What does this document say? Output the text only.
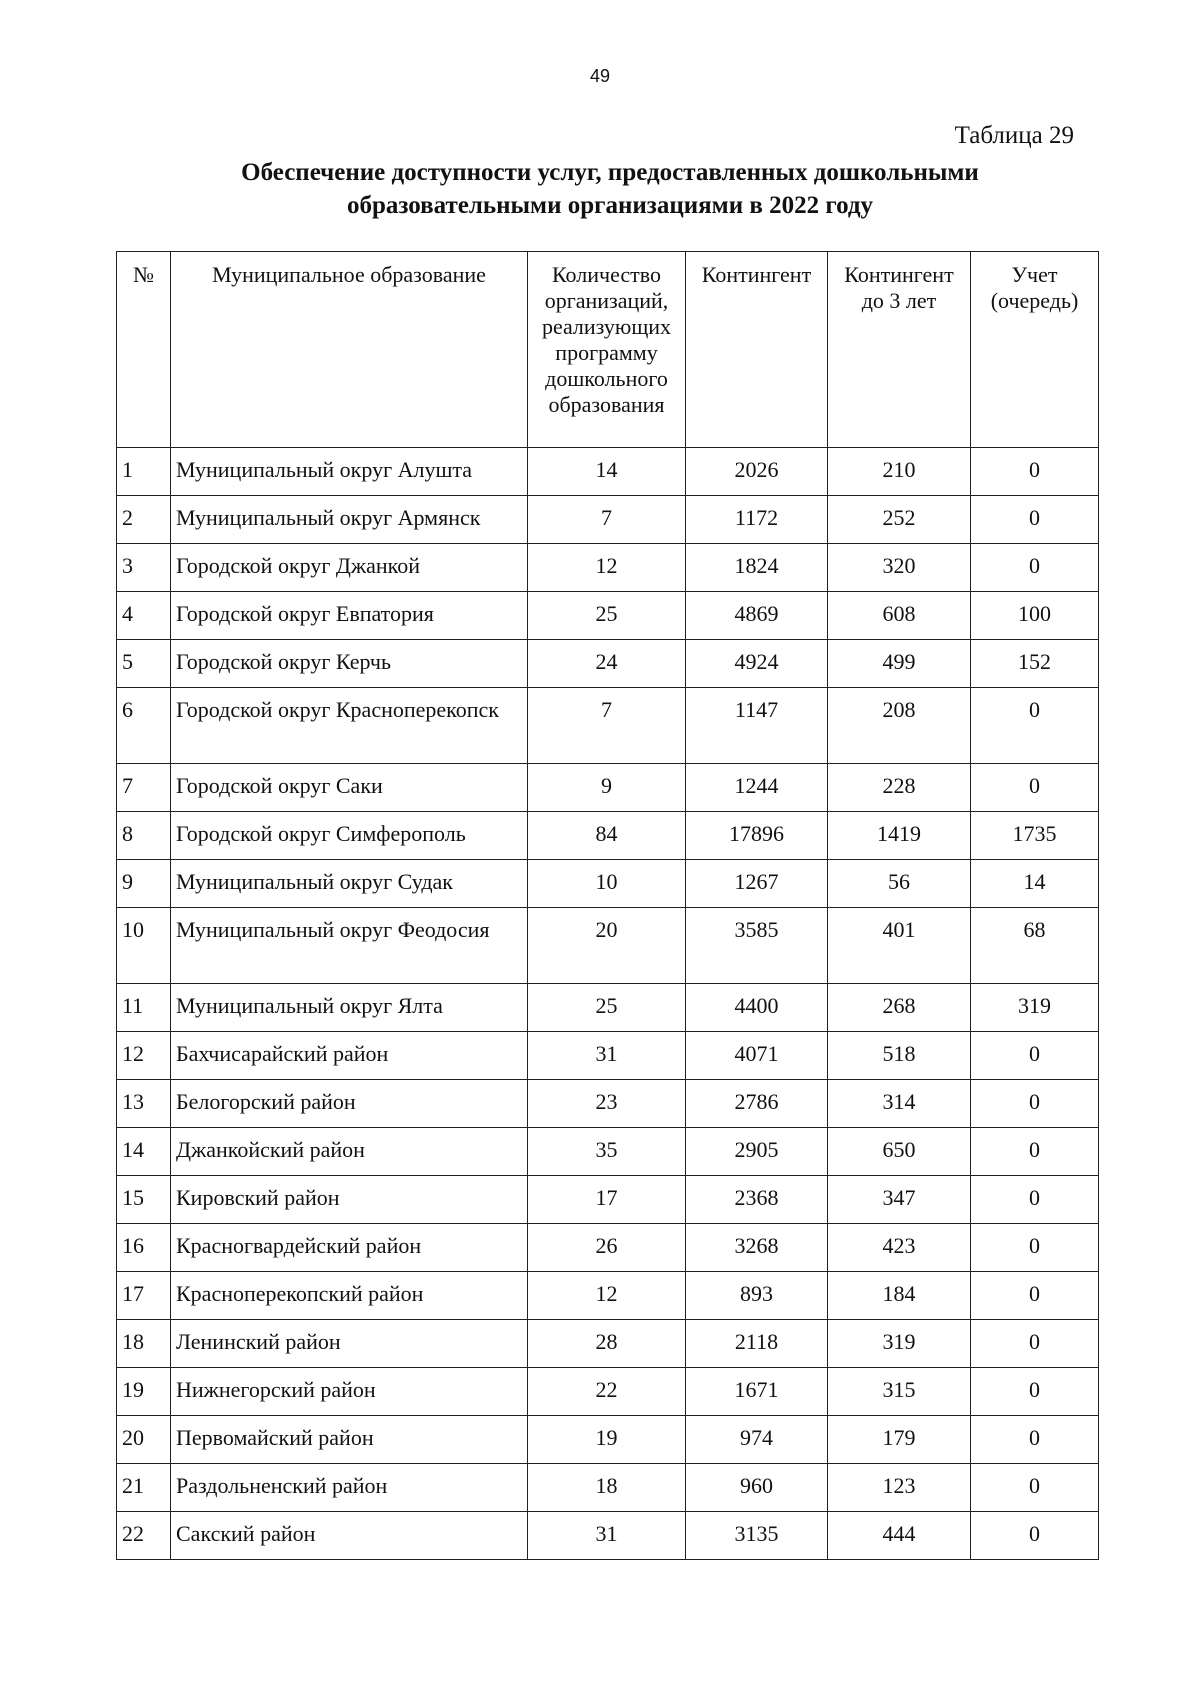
49
Таблица 29
Обеспечение доступности услуг, предоставленных дошкольными
образовательными организациями в 2022 году
№	Муниципальное образование	Количество организаций, реализующих программу дошкольного образования	Контингент	Контингент до 3 лет	Учет (очередь)
1	Муниципальный округ Алушта	14	2026	210	0
2	Муниципальный округ Армянск	7	1172	252	0
3	Городской округ Джанкой	12	1824	320	0
4	Городской округ Евпатория	25	4869	608	100
5	Городской округ Керчь	24	4924	499	152
6	Городской округ Красноперекопск	7	1147	208	0
7	Городской округ Саки	9	1244	228	0
8	Городской округ Симферополь	84	17896	1419	1735
9	Муниципальный округ Судак	10	1267	56	14
10	Муниципальный округ Феодосия	20	3585	401	68
11	Муниципальный округ Ялта	25	4400	268	319
12	Бахчисарайский район	31	4071	518	0
13	Белогорский район	23	2786	314	0
14	Джанкойский район	35	2905	650	0
15	Кировский район	17	2368	347	0
16	Красногвардейский район	26	3268	423	0
17	Красноперекопский район	12	893	184	0
18	Ленинский район	28	2118	319	0
19	Нижнегорский район	22	1671	315	0
20	Первомайский район	19	974	179	0
21	Раздольненский район	18	960	123	0
22	Сакский район	31	3135	444	0
